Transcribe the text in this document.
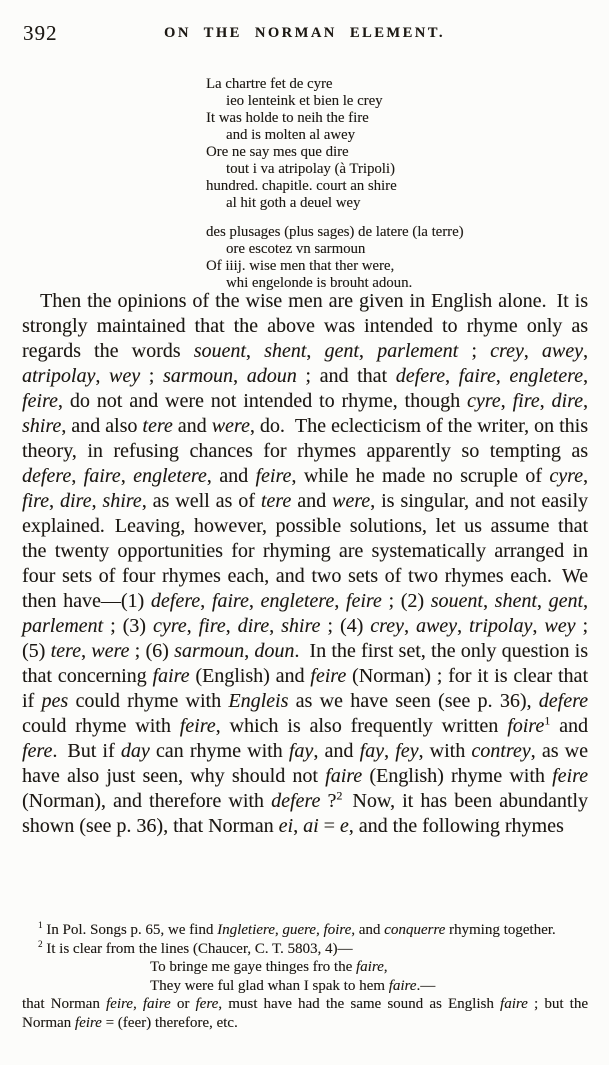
392	ON THE NORMAN ELEMENT.
La chartre fet de cyre
ieo lenteink et bien le crey
It was holde to neih the fire
and is molten al awey
Ore ne say mes que dire
tout i va atripolay (à Tripoli)
hundred. chapitle. court an shire
al hit goth a deuel wey
des plusages (plus sages) de latere (la terre)
ore escotez vn sarmoun
Of iiij. wise men that ther were,
whi engelonde is brouht adoun.

Then the opinions of the wise men are given in English alone. It is strongly maintained that the above was intended to rhyme only as regards the words souent, shent, gent, parlement ; crey, awey, atripolay, wey ; sarmoun, adoun ; and that defere, faire, engletere, feire, do not and were not intended to rhyme, though cyre, fire, dire, shire, and also tere and were, do. The eclecticism of the writer, on this theory, in refusing chances for rhymes apparently so tempting as defere, faire, engletere, and feire, while he made no scruple of cyre, fire, dire, shire, as well as of tere and were, is singular, and not easily explained. Leaving, however, possible solutions, let us assume that the twenty opportunities for rhyming are systematically arranged in four sets of four rhymes each, and two sets of two rhymes each. We then have—(1) defere, faire, engletere, feire ; (2) souent, shent, gent, parlement ; (3) cyre, fire, dire, shire ; (4) crey, awey, tripolay, wey ; (5) tere, were ; (6) sarmoun, doun. In the first set, the only question is that concerning faire (English) and feire (Norman) ; for it is clear that if pes could rhyme with Engleis as we have seen (see p. 36), defere could rhyme with feire, which is also frequently written foire$^1$ and fere. But if day can rhyme with fay, and fay, fey, with contrey, as we have also just seen, why should not faire (English) rhyme with feire (Norman), and therefore with defere ?$^2$ Now, it has been abundantly shown (see p. 36), that Norman ei, ai = e, and the following rhymes

$^1$ In Pol. Songs p. 65, we find Ingletiere, guere, foire, and conquerre rhyming together.

$^2$ It is clear from the lines (Chaucer, C. T. 5803, 4)—

To bringe me gaye thinges fro the faire,

They were ful glad whan I spak to hem faire.—

that Norman feire, faire or fere, must have had the same sound as English faire ; but the Norman feire = (feer) therefore, etc.
